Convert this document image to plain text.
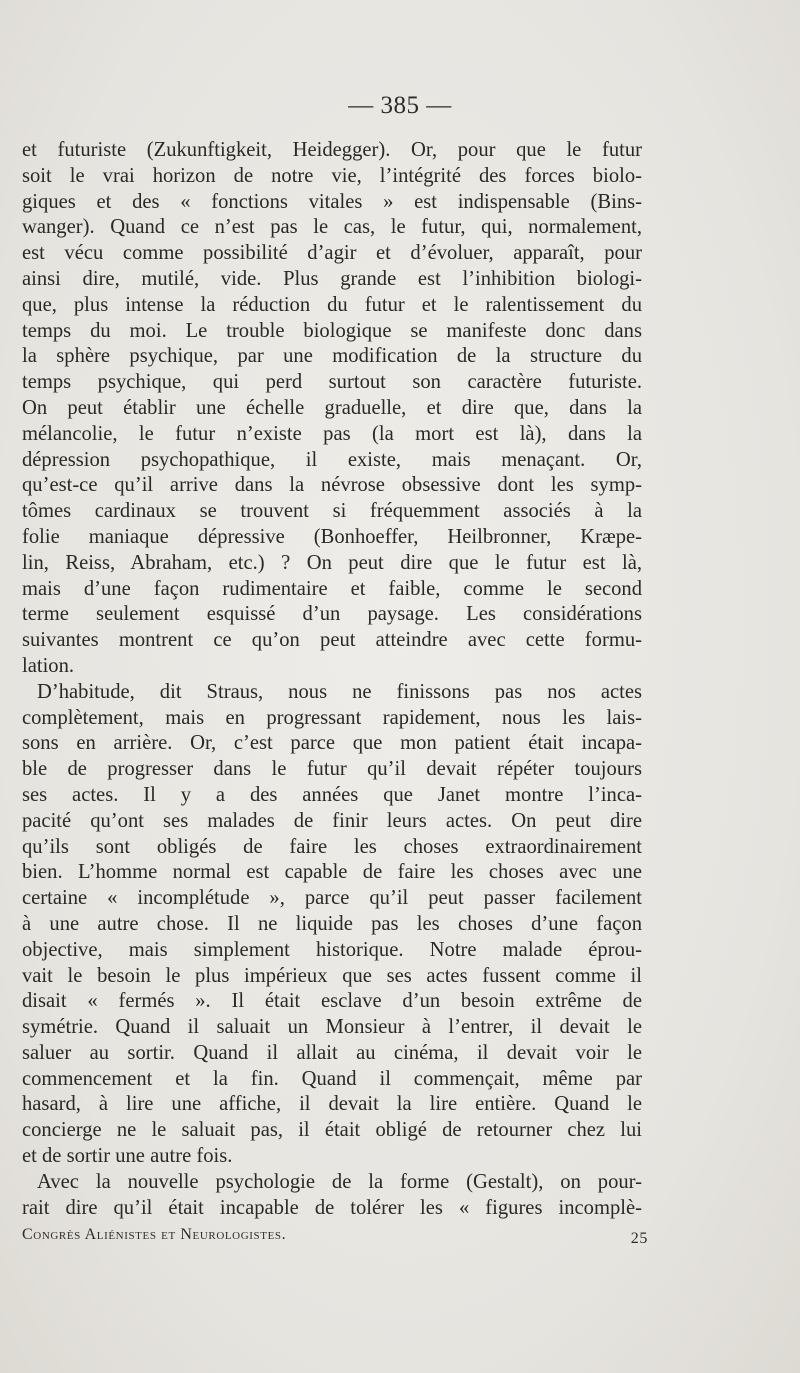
— 385 —
et futuriste (Zukunftigkeit, Heidegger). Or, pour que le futur
soit le vrai horizon de notre vie, l’intégrité des forces biolo-
giques et des « fonctions vitales » est indispensable (Bins-
wanger). Quand ce n’est pas le cas, le futur, qui, normalement,
est vécu comme possibilité d’agir et d’évoluer, apparaît, pour
ainsi dire, mutilé, vide. Plus grande est l’inhibition biologi-
que, plus intense la réduction du futur et le ralentissement du
temps du moi. Le trouble biologique se manifeste donc dans
la sphère psychique, par une modification de la structure du
temps psychique, qui perd surtout son caractère futuriste.
On peut établir une échelle graduelle, et dire que, dans la
mélancolie, le futur n’existe pas (la mort est là), dans la
dépression psychopathique, il existe, mais menaçant. Or,
qu’est-ce qu’il arrive dans la névrose obsessive dont les symp-
tômes cardinaux se trouvent si fréquemment associés à la
folie maniaque dépressive (Bonhoeffer, Heilbronner, Kræpe-
lin, Reiss, Abraham, etc.) ? On peut dire que le futur est là,
mais d’une façon rudimentaire et faible, comme le second
terme seulement esquissé d’un paysage. Les considérations
suivantes montrent ce qu’on peut atteindre avec cette formu-
lation.
D’habitude, dit Straus, nous ne finissons pas nos actes
complètement, mais en progressant rapidement, nous les lais-
sons en arrière. Or, c’est parce que mon patient était incapa-
ble de progresser dans le futur qu’il devait répéter toujours
ses actes. Il y a des années que Janet montre l’inca-
pacité qu’ont ses malades de finir leurs actes. On peut dire
qu’ils sont obligés de faire les choses extraordinairement
bien. L’homme normal est capable de faire les choses avec une
certaine « incomplétude », parce qu’il peut passer facilement
à une autre chose. Il ne liquide pas les choses d’une façon
objective, mais simplement historique. Notre malade éprou-
vait le besoin le plus impérieux que ses actes fussent comme il
disait « fermés ». Il était esclave d’un besoin extrême de
symétrie. Quand il saluait un Monsieur à l’entrer, il devait le
saluer au sortir. Quand il allait au cinéma, il devait voir le
commencement et la fin. Quand il commençait, même par
hasard, à lire une affiche, il devait la lire entière. Quand le
concierge ne le saluait pas, il était obligé de retourner chez lui
et de sortir une autre fois.
Avec la nouvelle psychologie de la forme (Gestalt), on pour-
rait dire qu’il était incapable de tolérer les « figures incomplè-
Congrès Aliénistes et Neurologistes.	25
